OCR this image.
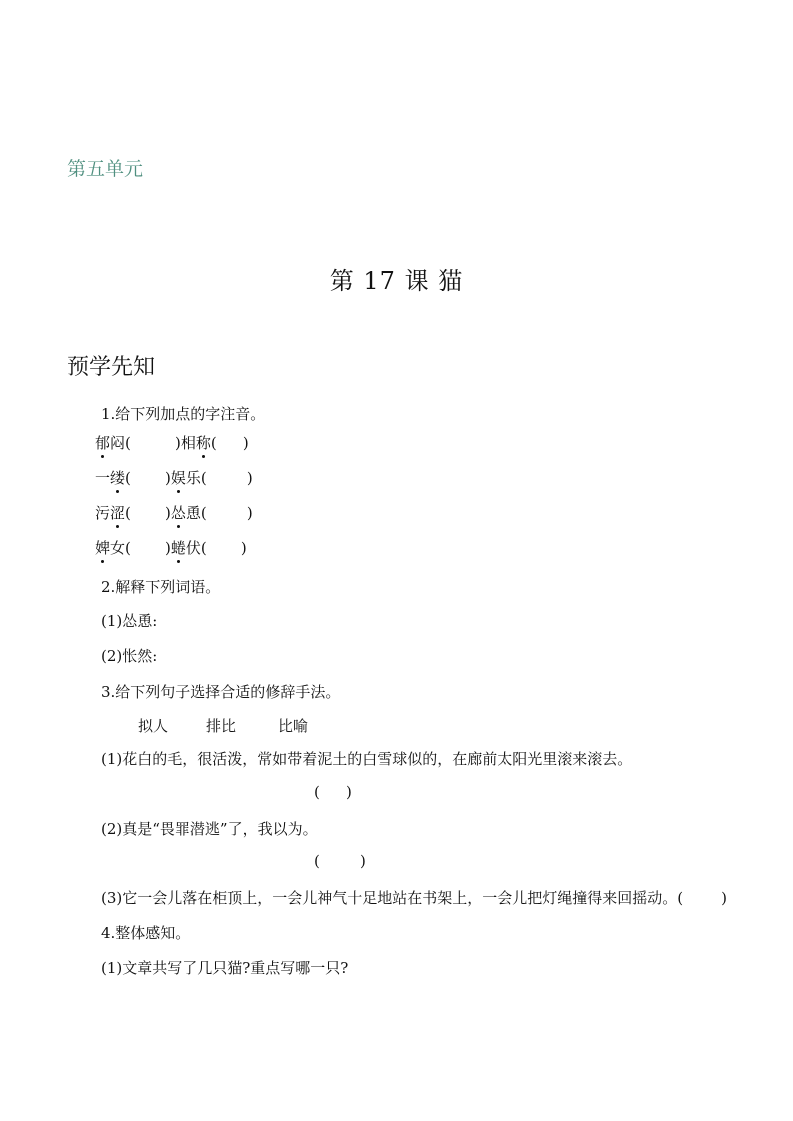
第五单元
第 17 课 猫
预学先知
1.给下列加点的字注音。
郁闷(	)相称( )
一缕( )娱乐(	)
污涩( )怂恿(	)
婢女( )蜷伏( )
2.解释下列词语。
(1)怂恿:
(2)怅然:
3.给下列句子选择合适的修辞手法。
拟人	排比	比喻
(1)花白的毛，很活泼，常如带着泥土的白雪球似的，在廊前太阳光里滚来滚去。
( )
(2)真是“畏罪潜逃”了，我以为。
(	)
(3)它一会儿落在柜顶上，一会儿神气十足地站在书架上，一会儿把灯绳撞得来回摇动。(	)
4.整体感知。
(1)文章共写了几只猫?重点写哪一只?
